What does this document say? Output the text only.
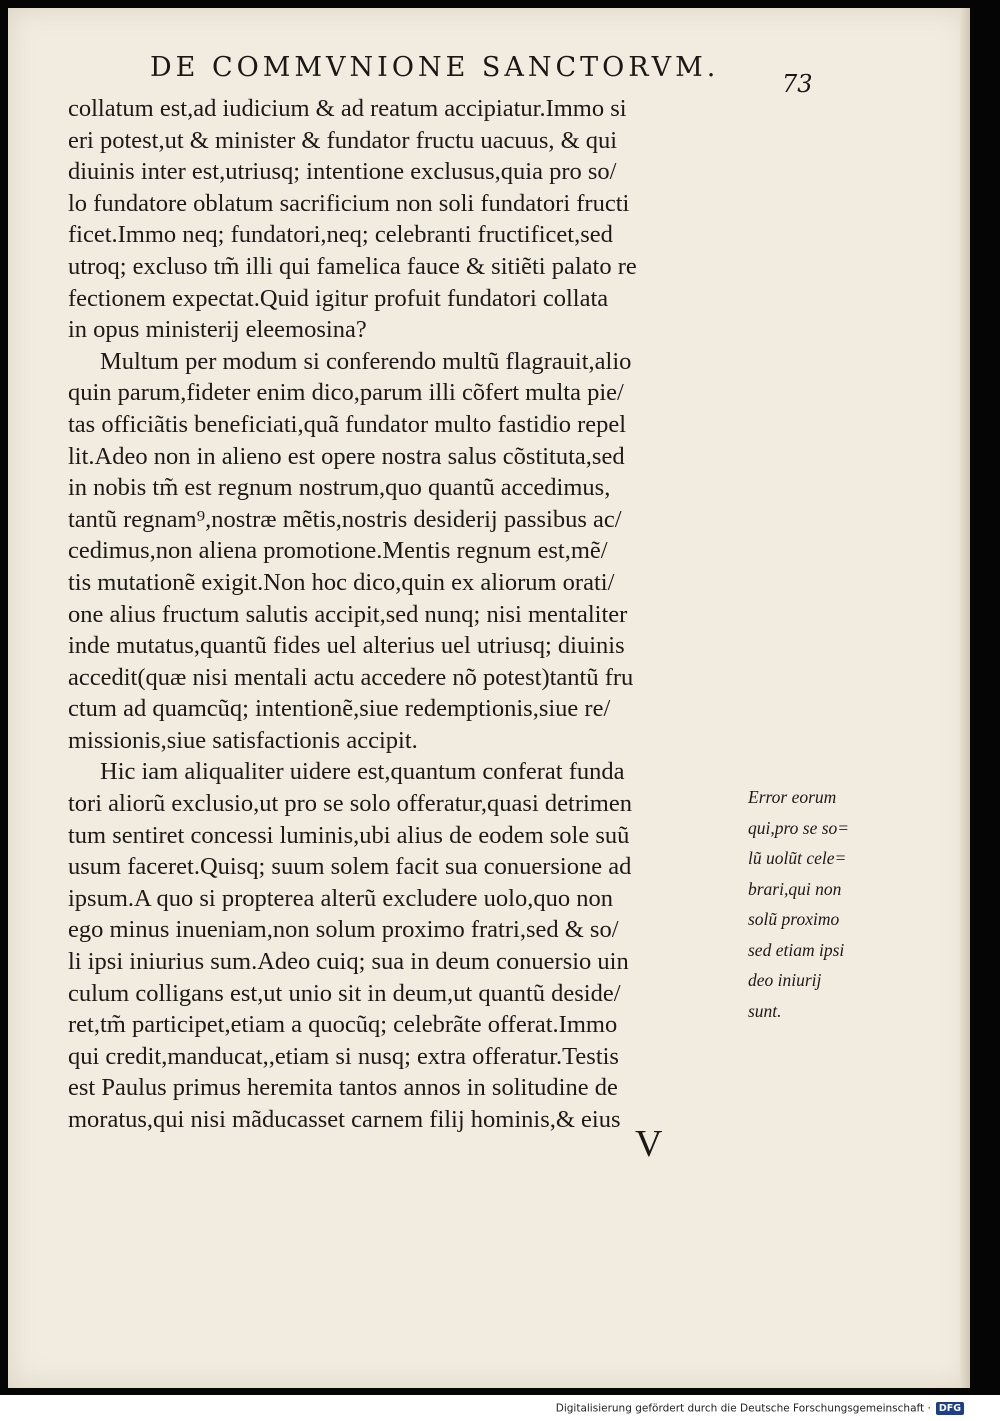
DE COMMVNIONE SANCTORVM.
73
collatum est,ad iudicium & ad reatum accipiatur.Immo si
eri potest,ut & minister & fundator fructu uacuus, & qui
diuinis inter est,utriusq; intentione exclusus,quia pro so/
lo fundatore oblatum sacrificium non soli fundatori fructi
ficet.Immo neq; fundatori,neq; celebranti fructificet,sed
utroq; excluso tm̃ illi qui famelica fauce & sitiẽti palato re
fectionem expectat.Quid igitur profuit fundatori collata
in opus ministerij eleemosina?
Multum per modum si conferendo multũ flagrauit,alio
quin parum,fideter enim dico,parum illi cõfert multa pie/
tas officiãtis beneficiati,quã fundator multo fastidio repel
lit.Adeo non in alieno est opere nostra salus cõstituta,sed
in nobis tm̃ est regnum nostrum,quo quantũ accedimus,
tantũ regnam⁹,nostræ mẽtis,nostris desiderij passibus ac/
cedimus,non aliena promotione.Mentis regnum est,mẽ/
tis mutationẽ exigit.Non hoc dico,quin ex aliorum orati/
one alius fructum salutis accipit,sed nunq; nisi mentaliter
inde mutatus,quantũ fides uel alterius uel utriusq; diuinis
accedit(quæ nisi mentali actu accedere nõ potest)tantũ fru
ctum ad quamcũq; intentionẽ,siue redemptionis,siue re/
missionis,siue satisfactionis accipit.
Hic iam aliqualiter uidere est,quantum conferat funda
tori aliorũ exclusio,ut pro se solo offeratur,quasi detrimen
tum sentiret concessi luminis,ubi alius de eodem sole suũ
usum faceret.Quisq; suum solem facit sua conuersione ad
ipsum.A quo si propterea alterũ excludere uolo,quo non
ego minus inueniam,non solum proximo fratri,sed & so/
li ipsi iniurius sum.Adeo cuiq; sua in deum conuersio uin
culum colligans est,ut unio sit in deum,ut quantũ deside/
ret,tm̃ participet,etiam a quocũq; celebrãte offerat.Immo
qui credit,manducat,,etiam si nusq; extra offeratur.Testis
est Paulus primus heremita tantos annos in solitudine de
moratus,qui nisi mãducasset carnem filij hominis,& eius
Error eorum
qui,pro se so=
lũ uolũt cele=
brari,qui non
solũ proximo
sed etiam ipsi
deo iniurij
sunt.
V
Digitalisierung gefördert durch die Deutsche Forschungsgemeinschaft · DFG
